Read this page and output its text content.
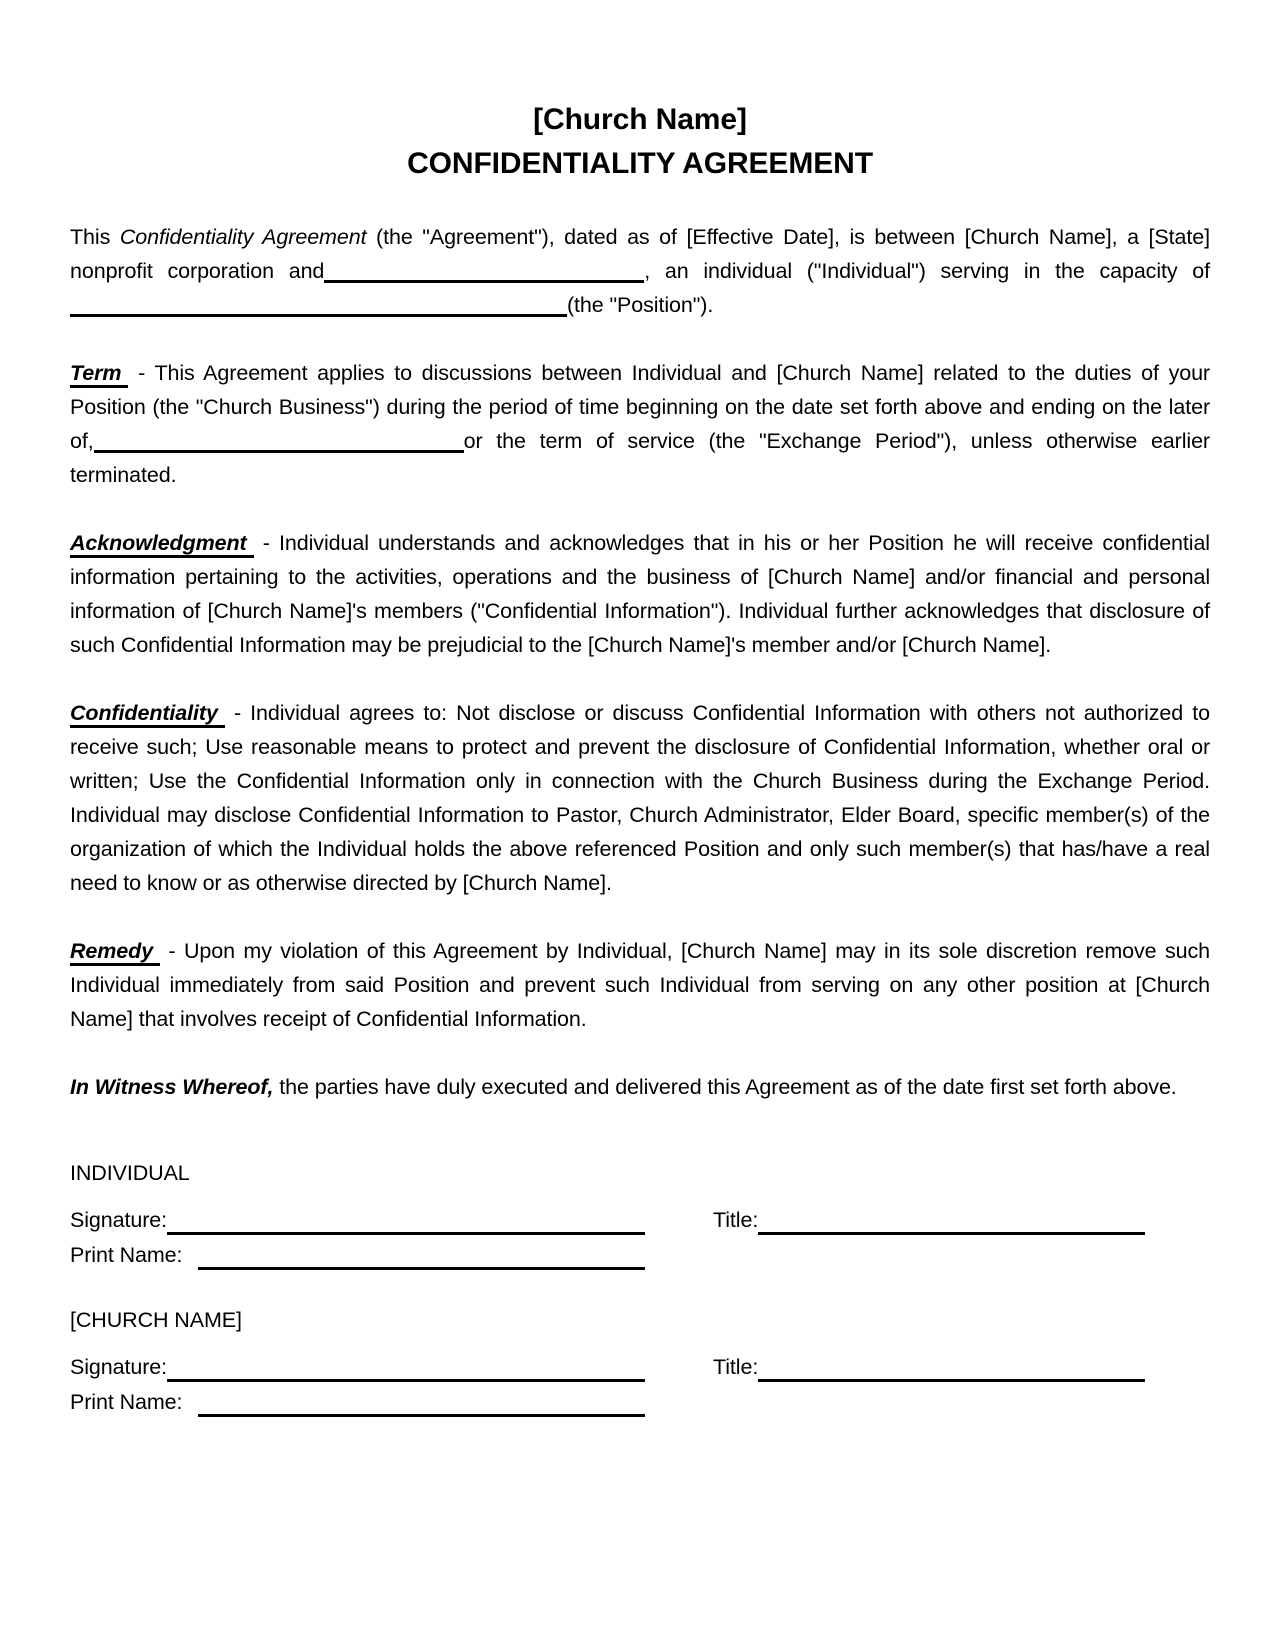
[Church Name]
CONFIDENTIALITY AGREEMENT

This Confidentiality Agreement (the "Agreement"), dated as of [Effective Date], is between [Church Name], a [State] nonprofit corporation and	, an individual ("Individual") serving in the capacity of(the "Position").

Term - This Agreement applies to discussions between Individual and [Church Name] related to the duties of your Position (the "Church Business") during the period of time beginning on the date set forth above and ending on the later of,	or the term of service (the "Exchange Period"), unless otherwise earlier terminated.

Acknowledgment - Individual understands and acknowledges that in his or her Position he will receive confidential information pertaining to the activities, operations and the business of [Church Name] and/or financial and personal information of [Church Name]'s members ("Confidential Information"). Individual further acknowledges that disclosure of such Confidential Information may be prejudicial to the [Church Name]'s member and/or [Church Name].

Confidentiality - Individual agrees to: Not disclose or discuss Confidential Information with others not authorized to receive such; Use reasonable means to protect and prevent the disclosure of Confidential Information, whether oral or written; Use the Confidential Information only in connection with the Church Business during the Exchange Period. Individual may disclose Confidential Information to Pastor, Church Administrator, Elder Board, specific member(s) of the organization of which the Individual holds the above referenced Position and only such member(s) that has/have a real need to know or as otherwise directed by [Church Name].

Remedy - Upon my violation of this Agreement by Individual, [Church Name] may in its sole discretion remove such Individual immediately from said Position and prevent such Individual from serving on any other position at [Church Name] that involves receipt of Confidential Information.

In Witness Whereof, the parties have duly executed and delivered this Agreement as of the date first set forth above.

INDIVIDUAL
Signature:	Title:
Print Name:
[CHURCH NAME]
Signature:	Title:
Print Name:
